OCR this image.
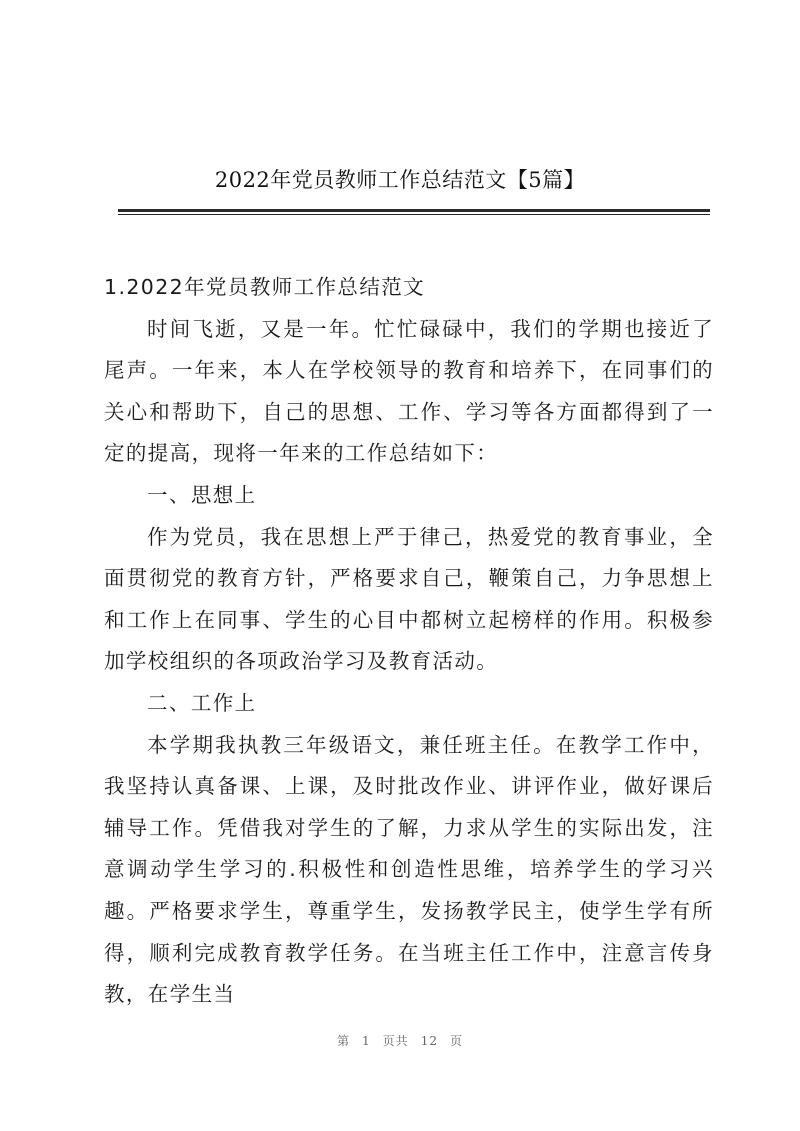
2022年党员教师工作总结范文【5篇】

1.2022年党员教师工作总结范文

时间飞逝，又是一年。忙忙碌碌中，我们的学期也接近了尾声。一年来，本人在学校领导的教育和培养下，在同事们的关心和帮助下，自己的思想、工作、学习等各方面都得到了一定的提高，现将一年来的工作总结如下：

一、思想上

作为党员，我在思想上严于律己，热爱党的教育事业，全面贯彻党的教育方针，严格要求自己，鞭策自己，力争思想上和工作上在同事、学生的心目中都树立起榜样的作用。积极参加学校组织的各项政治学习及教育活动。

二、工作上

本学期我执教三年级语文，兼任班主任。在教学工作中，我坚持认真备课、上课，及时批改作业、讲评作业，做好课后辅导工作。凭借我对学生的了解，力求从学生的实际出发，注意调动学生学习的.积极性和创造性思维，培养学生的学习兴趣。严格要求学生，尊重学生，发扬教学民主，使学生学有所得，顺利完成教育教学任务。在当班主任工作中，注意言传身教，在学生当

第 1 页共 12 页
